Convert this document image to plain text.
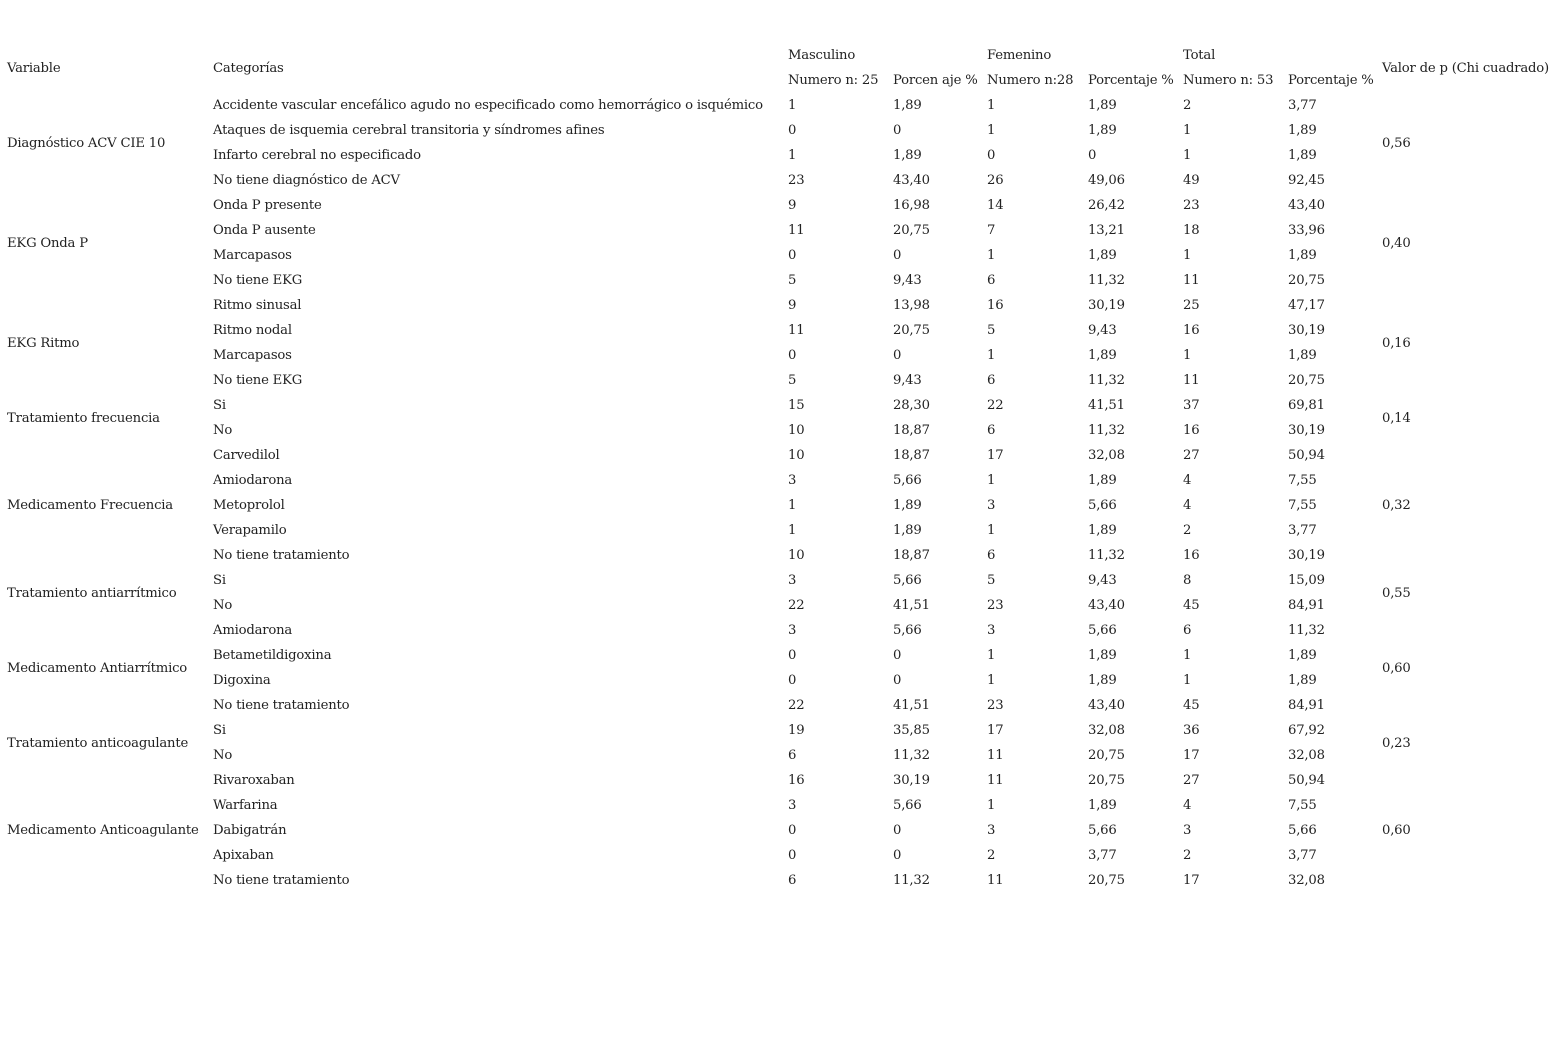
Variable	Categorías	Masculino		Femenino		Total		Valor de p (Chi cuadrado)
		Numero n: 25	Porcen aje %	Numero n:28	Porcentaje %	Numero n: 53	Porcentaje %	
Diagnóstico ACV CIE 10	Accidente vascular encefálico agudo no especificado como hemorrágico o isquémico	1	1,89	1	1,89	2	3,77	0,56
	Ataques de isquemia cerebral transitoria y síndromes afines	0	0	1	1,89	1	1,89	
	Infarto cerebral no especificado	1	1,89	0	0	1	1,89	
	No tiene diagnóstico de ACV	23	43,40	26	49,06	49	92,45	
EKG Onda P	Onda P presente	9	16,98	14	26,42	23	43,40	0,40
	Onda P ausente	11	20,75	7	13,21	18	33,96	
	Marcapasos	0	0	1	1,89	1	1,89	
	No tiene EKG	5	9,43	6	11,32	11	20,75	
EKG Ritmo	Ritmo sinusal	9	13,98	16	30,19	25	47,17	0,16
	Ritmo nodal	11	20,75	5	9,43	16	30,19	
	Marcapasos	0	0	1	1,89	1	1,89	
	No tiene EKG	5	9,43	6	11,32	11	20,75	
Tratamiento frecuencia	Si	15	28,30	22	41,51	37	69,81	0,14
	No	10	18,87	6	11,32	16	30,19	
Medicamento Frecuencia	Carvedilol	10	18,87	17	32,08	27	50,94	0,32
	Amiodarona	3	5,66	1	1,89	4	7,55	
	Metoprolol	1	1,89	3	5,66	4	7,55	
	Verapamilo	1	1,89	1	1,89	2	3,77	
	No tiene tratamiento	10	18,87	6	11,32	16	30,19	
Tratamiento antiarrítmico	Si	3	5,66	5	9,43	8	15,09	0,55
	No	22	41,51	23	43,40	45	84,91	
Medicamento Antiarrítmico	Amiodarona	3	5,66	3	5,66	6	11,32	0,60
	Betametildigoxina	0	0	1	1,89	1	1,89	
	Digoxina	0	0	1	1,89	1	1,89	
	No tiene tratamiento	22	41,51	23	43,40	45	84,91	
Tratamiento anticoagulante	Si	19	35,85	17	32,08	36	67,92	0,23
	No	6	11,32	11	20,75	17	32,08	
Medicamento Anticoagulante	Rivaroxaban	16	30,19	11	20,75	27	50,94	0,60
	Warfarina	3	5,66	1	1,89	4	7,55	
	Dabigatrán	0	0	3	5,66	3	5,66	
	Apixaban	0	0	2	3,77	2	3,77	
	No tiene tratamiento	6	11,32	11	20,75	17	32,08	
